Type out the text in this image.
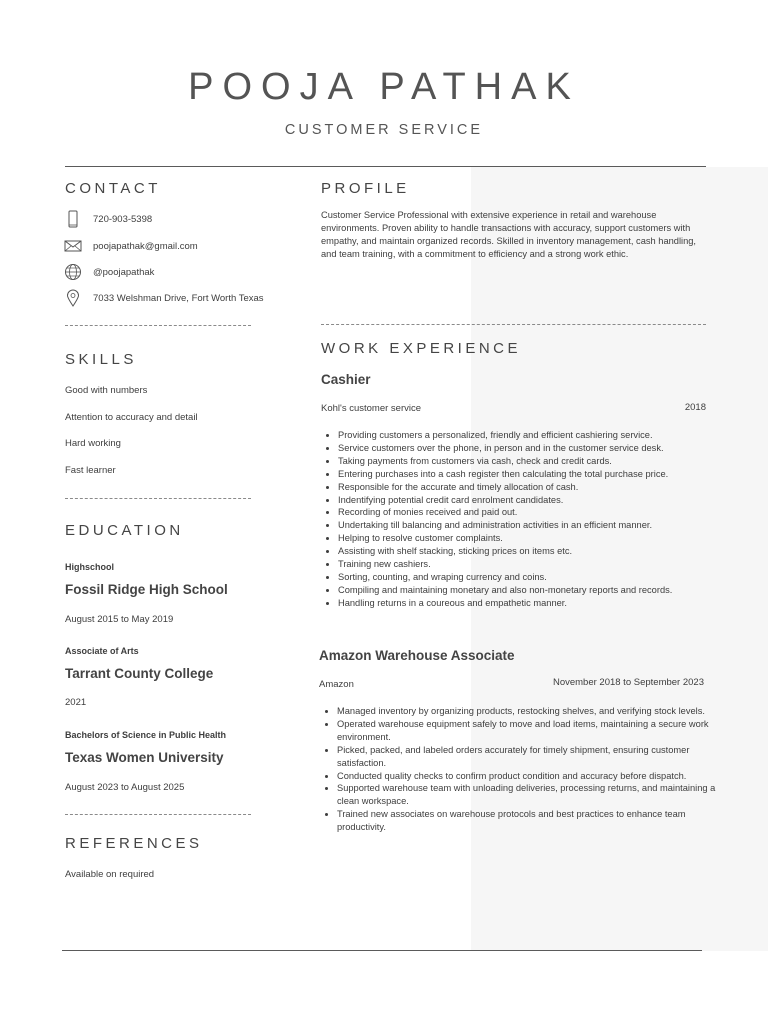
POOJA PATHAK
CUSTOMER SERVICE
CONTACT
720-903-5398
poojapathak@gmail.com
@poojapathak
7033 Welshman Drive, Fort Worth Texas
SKILLS
Good with numbers
Attention to accuracy and detail
Hard working
Fast learner
EDUCATION
Highschool
Fossil Ridge High School
August 2015 to May 2019
Associate of Arts
Tarrant County College
2021
Bachelors of Science in Public Health
Texas Women University
August 2023 to August 2025
REFERENCES
Available on required
PROFILE

Customer Service Professional with extensive experience in retail and warehouse environments. Proven ability to handle transactions with accuracy, support customers with empathy, and maintain organized records. Skilled in inventory management, cash handling, and team training, with a commitment to efficiency and a strong work ethic.

WORK EXPERIENCE
Cashier
Kohl's customer service	2018
• Providing customers a personalized, friendly and efficient cashiering service.
• Service customers over the phone, in person and in the customer service desk.
• Taking payments from customers via cash, check and credit cards.
• Entering purchases into a cash register then calculating the total purchase price.
• Responsible for the accurate and timely allocation of cash.
• Indentifying potential credit card enrolment candidates.
• Recording of monies received and paid out.
• Undertaking till balancing and administration activities in an efficient manner.
• Helping to resolve customer complaints.
• Assisting with shelf stacking, sticking prices on items etc.
• Training new cashiers.
• Sorting, counting, and wraping currency and coins.
• Compiling and maintaining monetary and also non-monetary reports and records.
• Handling returns in a coureous and empathetic manner.
Amazon Warehouse Associate
Amazon	November 2018 to September 2023
• Managed inventory by organizing products, restocking shelves, and verifying stock levels.
• Operated warehouse equipment safely to move and load items, maintaining a secure work environment.
• Picked, packed, and labeled orders accurately for timely shipment, ensuring customer satisfaction.
• Conducted quality checks to confirm product condition and accuracy before dispatch.
• Supported warehouse team with unloading deliveries, processing returns, and maintaining a clean workspace.
• Trained new associates on warehouse protocols and best practices to enhance team productivity.
